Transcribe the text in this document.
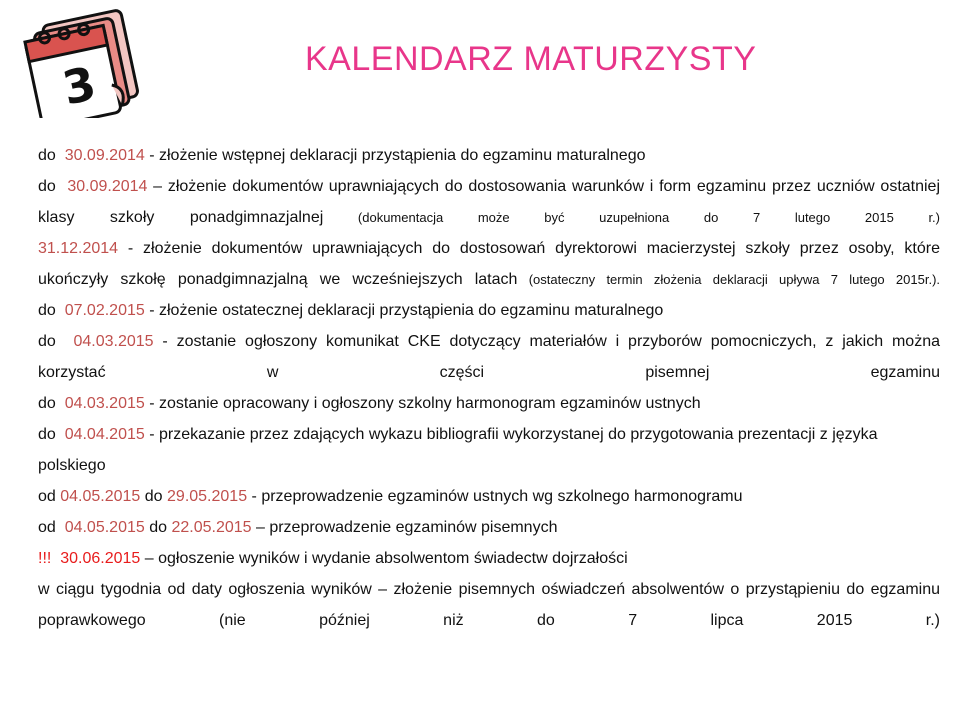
3	KALENDARZ MATURZYSTY

do 30.09.2014 - złożenie wstępnej deklaracji przystąpienia do egzaminu maturalnego

do 30.09.2014 – złożenie dokumentów uprawniających do dostosowania warunków i form egzaminu przez uczniów ostatniej klasy szkoły ponadgimnazjalnej (dokumentacja może być uzupełniona do 7 lutego 2015 r.)

31.12.2014 - złożenie dokumentów uprawniających do dostosowań dyrektorowi macierzystej szkoły przez osoby, które ukończyły szkołę ponadgimnazjalną we wcześniejszych latach (ostateczny termin złożenia deklaracji upływa 7 lutego 2015r.).

do 07.02.2015 - złożenie ostatecznej deklaracji przystąpienia do egzaminu maturalnego

do 04.03.2015 - zostanie ogłoszony komunikat CKE dotyczący materiałów i przyborów pomocniczych, z jakich można korzystać w części pisemnej egzaminu

do 04.03.2015 - zostanie opracowany i ogłoszony szkolny harmonogram egzaminów ustnych

do 04.04.2015 - przekazanie przez zdających wykazu bibliografii wykorzystanej do przygotowania prezentacji z języka polskiego

od 04.05.2015 do 29.05.2015 - przeprowadzenie egzaminów ustnych wg szkolnego harmonogramu

od 04.05.2015 do 22.05.2015 – przeprowadzenie egzaminów pisemnych

!!! 30.06.2015 – ogłoszenie wyników i wydanie absolwentom świadectw dojrzałości

w ciągu tygodnia od daty ogłoszenia wyników – złożenie pisemnych oświadczeń absolwentów o przystąpieniu do egzaminu poprawkowego (nie później niż do 7 lipca 2015 r.)
